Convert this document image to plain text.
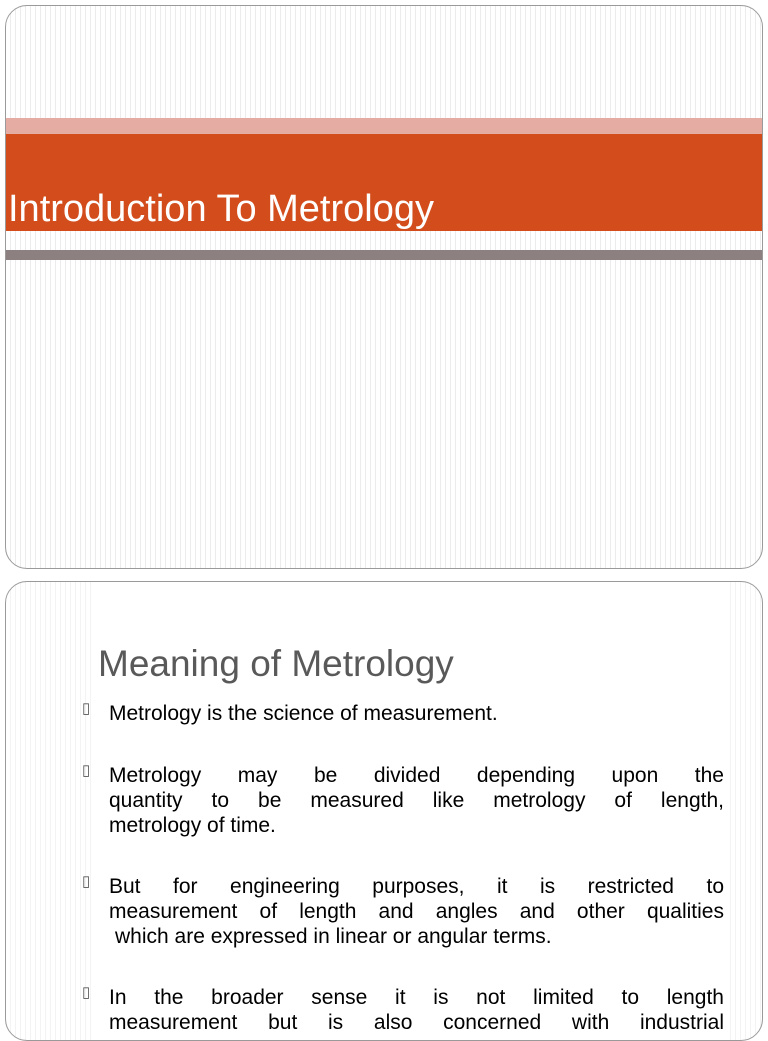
Introduction To Metrology
Meaning of Metrology
▯ Metrology is the science of measurement.
▯ Metrology may be divided depending upon the
quantity to be measured like metrology of length,
metrology of time.
▯ But for engineering purposes, it is restricted to
measurement of length and angles and other qualities
which are expressed in linear or angular terms.
▯ In the broader sense it is not limited to length
measurement but is also concerned with industrial
